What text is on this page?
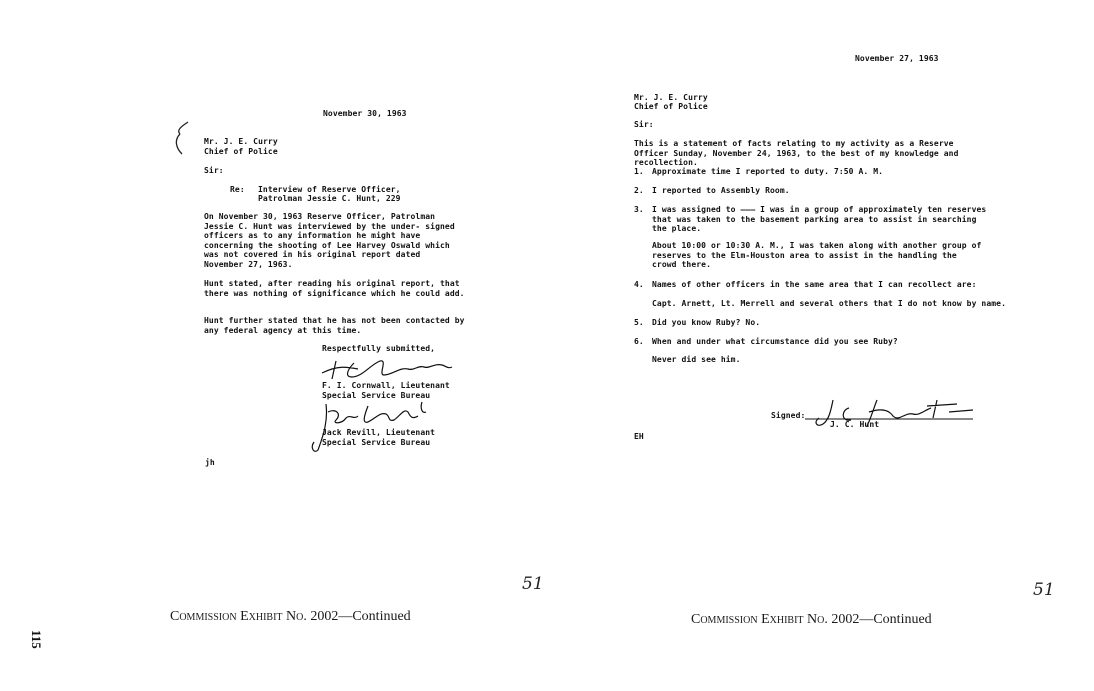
November 30, 1963
Mr. J. E. Curry
Chief of Police
Sir:
Re: Interview of Reserve Officer,
Patrolman Jessie C. Hunt, 229
On November 30, 1963 Reserve Officer, Patrolman Jessie C. Hunt was interviewed by the under- signed officers as to any information he might have concerning the shooting of Lee Harvey Oswald which was not covered in his original report dated November 27, 1963.
Hunt stated, after reading his original report, that there was nothing of significance which he could add.
Hunt further stated that he has not been contacted by any federal agency at this time.
Respectfully submitted,
F. I. Cornwall, Lieutenant
Special Service Bureau
Jack Revill, Lieutenant
Special Service Bureau
jh
51
Commission Exhibit No. 2002—Continued
115
November 27, 1963
Mr. J. E. Curry
Chief of Police
Sir:
This is a statement of facts relating to my activity as a Reserve Officer Sunday, November 24, 1963, to the best of my knowledge and recollection.
1. Approximate time I reported to duty. 7:50 A. M.
2. I reported to Assembly Room.
3. I was assigned to ——— I was in a group of approximately ten reserves that was taken to the basement parking area to assist in searching the place.
About 10:00 or 10:30 A. M., I was taken along with another group of reserves to the Elm-Houston area to assist in the handling the crowd there.
4. Names of other officers in the same area that I can recollect are:
Capt. Arnett, Lt. Merrell and several others that I do not know by name.
5. Did you know Ruby? No.
6. When and under what circumstance did you see Ruby?
Never did see him.
Signed:
J. C. Hunt
EH
51
Commission Exhibit No. 2002—Continued
